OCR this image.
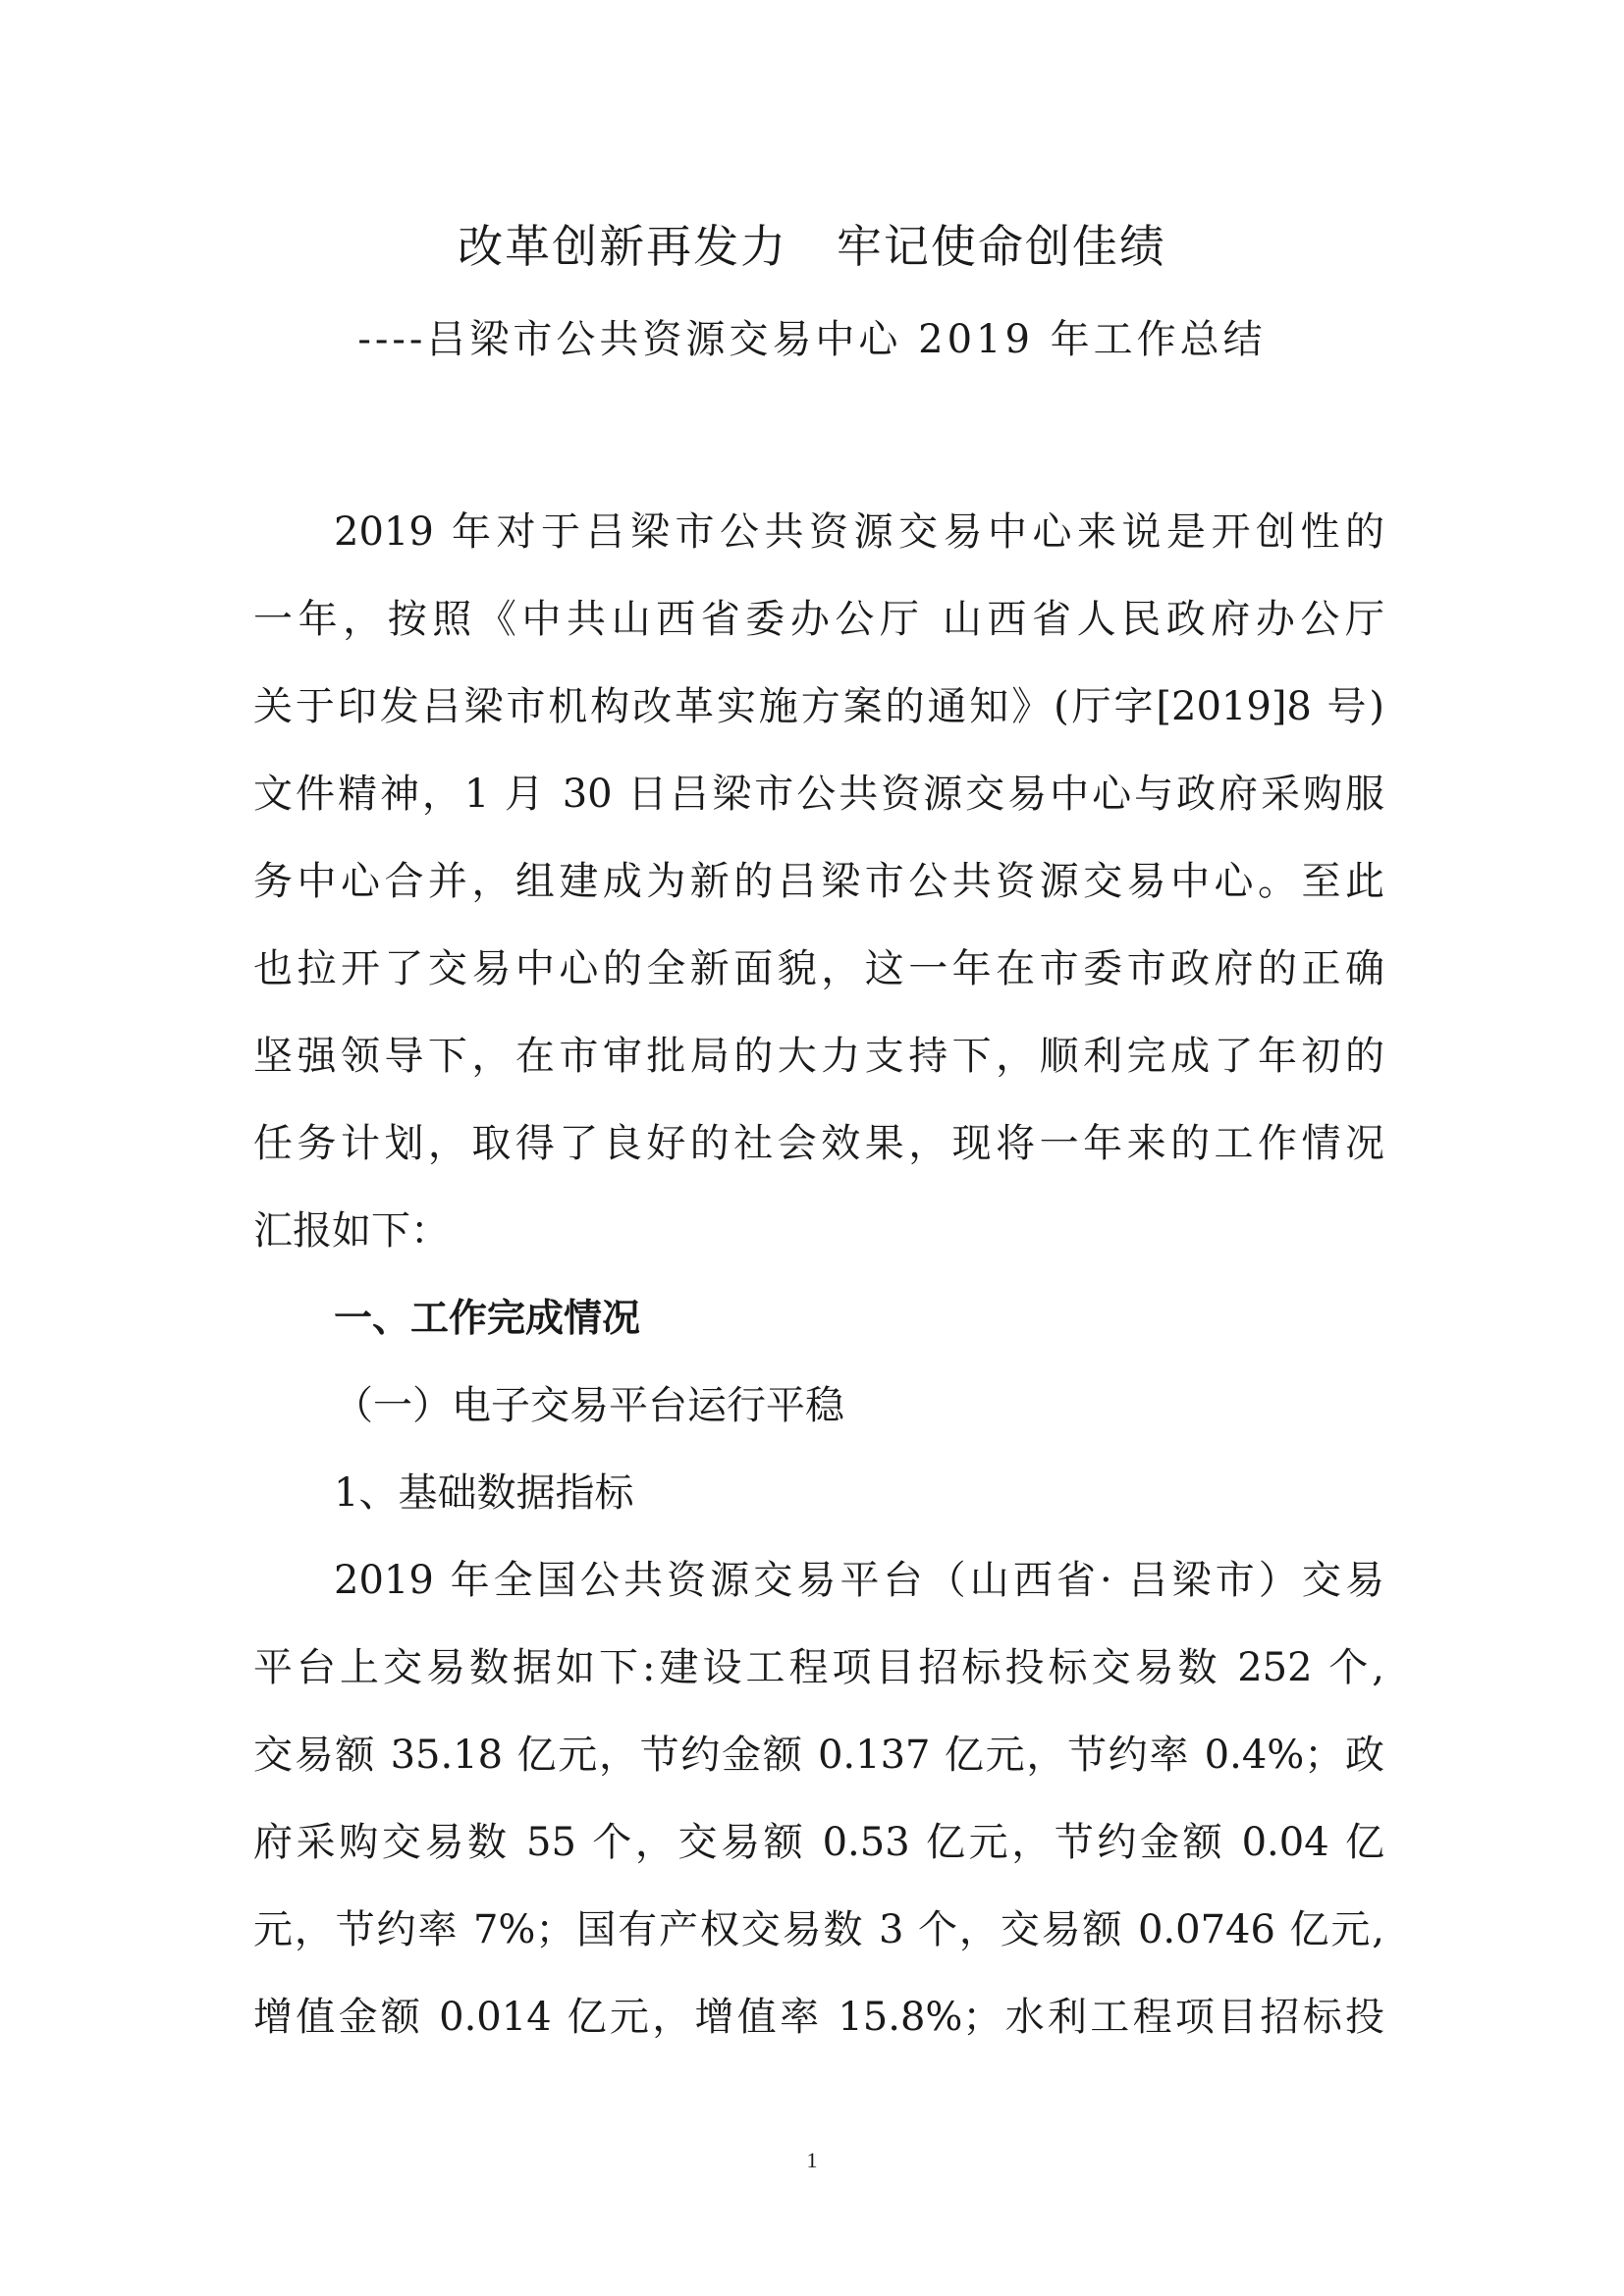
改革创新再发力   牢记使命创佳绩
----吕梁市公共资源交易中心 2019 年工作总结
2019 年对于吕梁市公共资源交易中心来说是开创性的
一年，按照《中共山西省委办公厅 山西省人民政府办公厅
关于印发吕梁市机构改革实施方案的通知》(厅字[2019]8 号)
文件精神，1 月 30 日吕梁市公共资源交易中心与政府采购服
务中心合并，组建成为新的吕梁市公共资源交易中心。至此
也拉开了交易中心的全新面貌，这一年在市委市政府的正确
坚强领导下，在市审批局的大力支持下，顺利完成了年初的
任务计划，取得了良好的社会效果，现将一年来的工作情况
汇报如下：
一、工作完成情况
（一）电子交易平台运行平稳
1、基础数据指标
2019 年全国公共资源交易平台（山西省· 吕梁市）交易
平台上交易数据如下:建设工程项目招标投标交易数 252 个,
交易额 35.18 亿元，节约金额 0.137 亿元，节约率 0.4%；政
府采购交易数 55 个，交易额 0.53 亿元，节约金额 0.04 亿
元，节约率 7%；国有产权交易数 3 个，交易额 0.0746 亿元,
增值金额 0.014 亿元，增值率 15.8%；水利工程项目招标投
1
